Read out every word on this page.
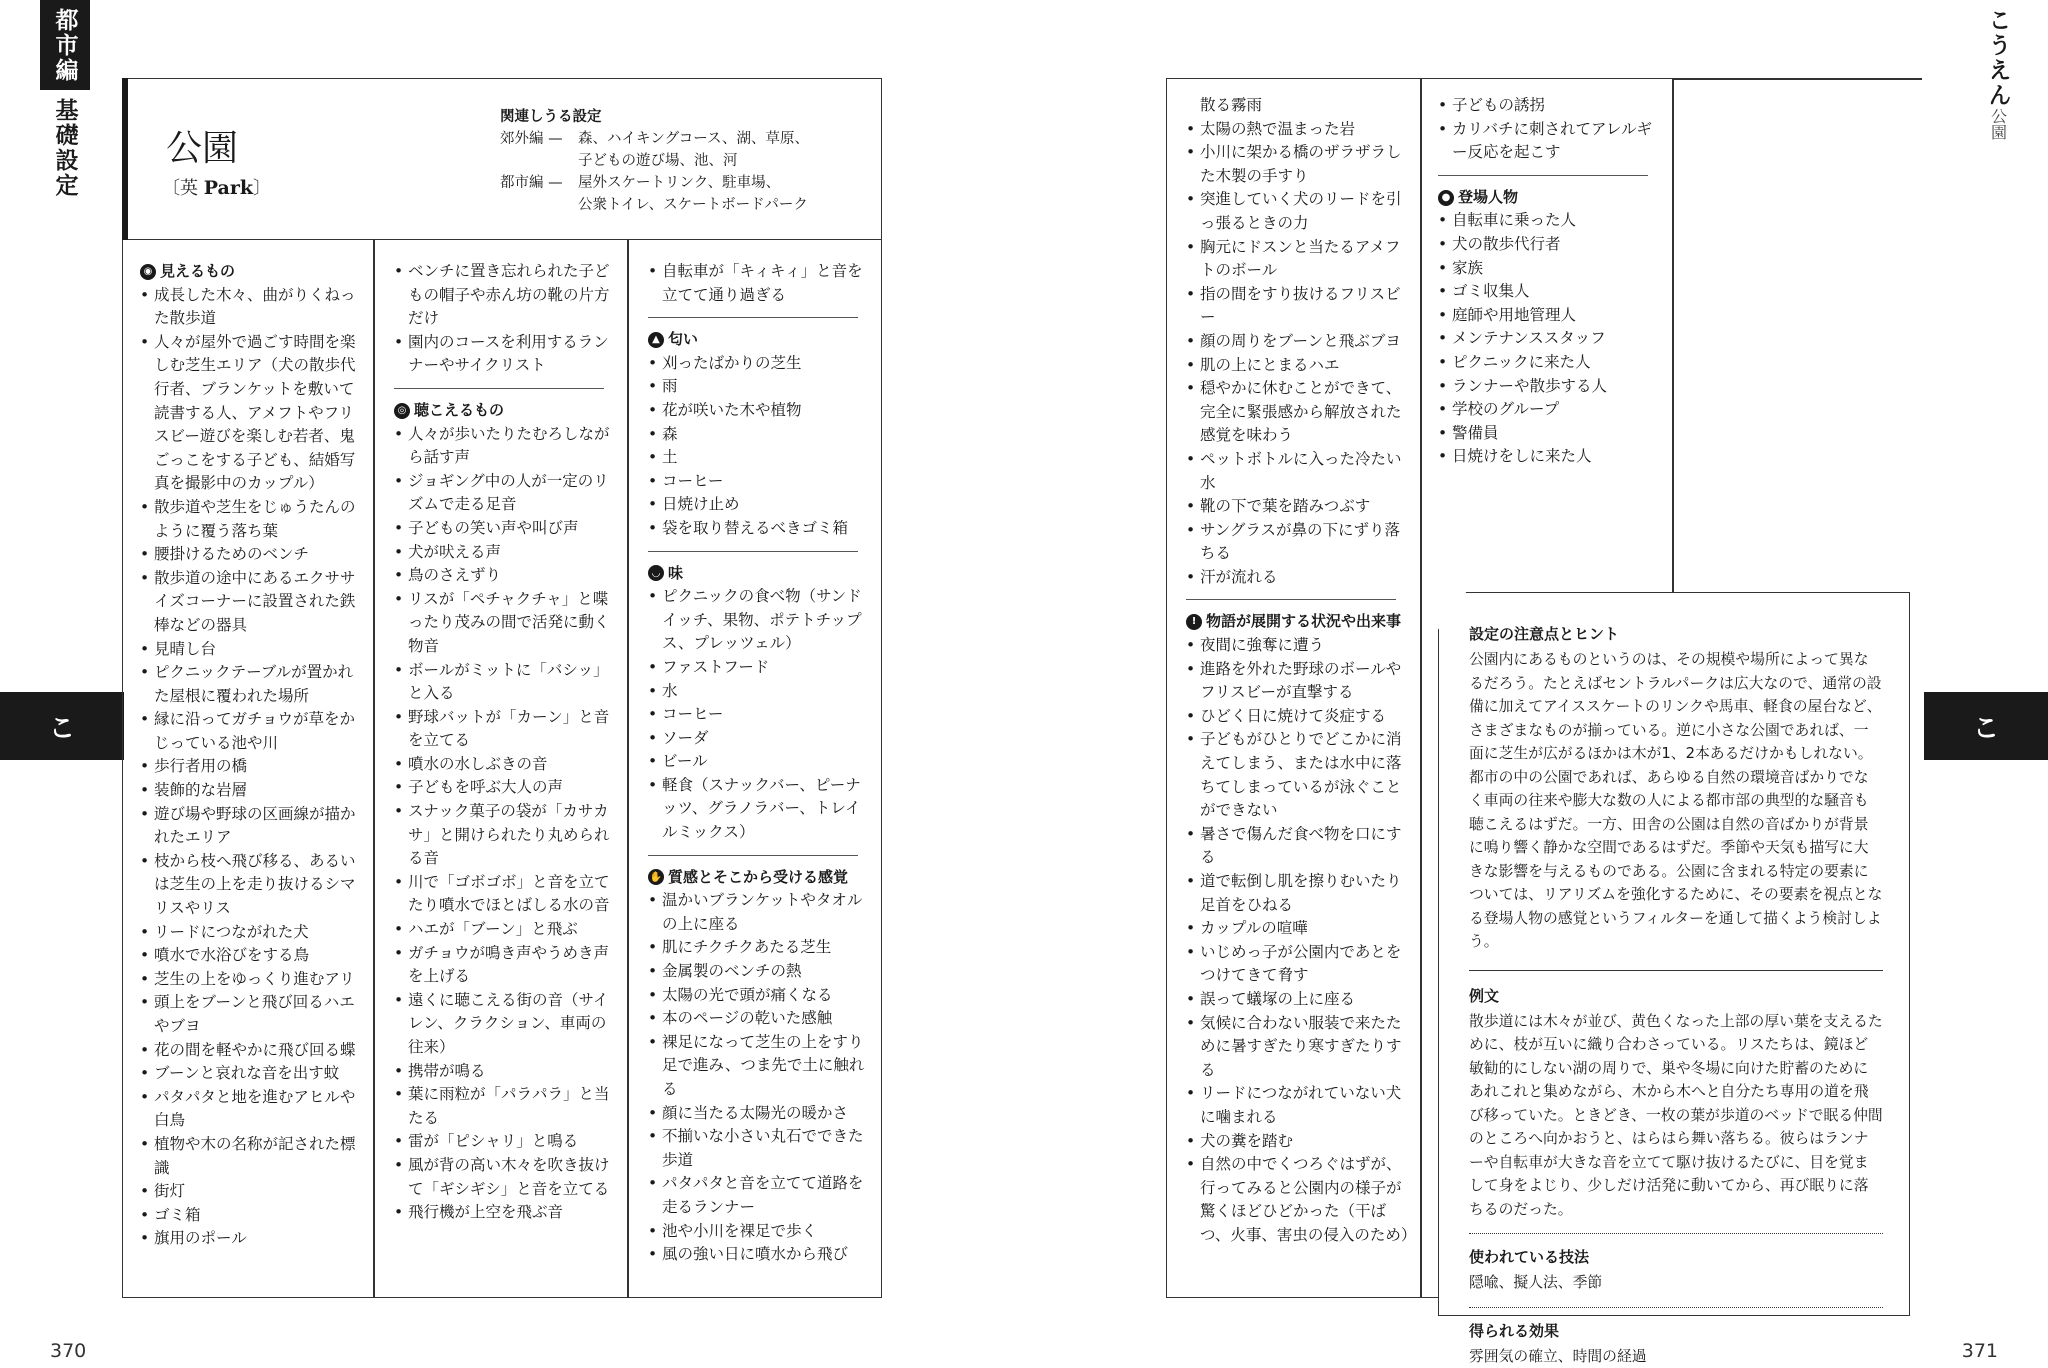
都市編
基礎設定
こ
370
公園
〔英 Park〕
関連しうる設定
郊外編 —	森、ハイキングコース、湖、草原、
子どもの遊び場、池、河
都市編 —	屋外スケートリンク、駐車場、
公衆トイレ、スケートボードパーク
◉ 見えるもの
• 成長した木々、曲がりくねった散歩道
• 人々が屋外で過ごす時間を楽しむ芝生エリア（犬の散歩代行者、ブランケットを敷いて読書する人、アメフトやフリスビー遊びを楽しむ若者、鬼ごっこをする子ども、結婚写真を撮影中のカップル）
• 散歩道や芝生をじゅうたんのように覆う落ち葉
• 腰掛けるためのベンチ
• 散歩道の途中にあるエクササイズコーナーに設置された鉄棒などの器具
• 見晴し台
• ピクニックテーブルが置かれた屋根に覆われた場所
• 縁に沿ってガチョウが草をかじっている池や川
• 歩行者用の橋
• 装飾的な岩層
• 遊び場や野球の区画線が描かれたエリア
• 枝から枝へ飛び移る、あるいは芝生の上を走り抜けるシマリスやリス
• リードにつながれた犬
• 噴水で水浴びをする鳥
• 芝生の上をゆっくり進むアリ
• 頭上をブーンと飛び回るハエやブヨ
• 花の間を軽やかに飛び回る蝶
• ブーンと哀れな音を出す蚊
• パタパタと地を進むアヒルや白鳥
• 植物や木の名称が記された標識
• 街灯
• ゴミ箱
• 旗用のポール
• ベンチに置き忘れられた子どもの帽子や赤ん坊の靴の片方だけ
• 園内のコースを利用するランナーやサイクリスト
◎ 聴こえるもの
• 人々が歩いたりたむろしながら話す声
• ジョギング中の人が一定のリズムで走る足音
• 子どもの笑い声や叫び声
• 犬が吠える声
• 鳥のさえずり
• リスが「ペチャクチャ」と喋ったり茂みの間で活発に動く物音
• ボールがミットに「バシッ」と入る
• 野球バットが「カーン」と音を立てる
• 噴水の水しぶきの音
• 子どもを呼ぶ大人の声
• スナック菓子の袋が「カサカサ」と開けられたり丸められる音
• 川で「ゴボゴボ」と音を立てたり噴水でほとばしる水の音
• ハエが「ブーン」と飛ぶ
• ガチョウが鳴き声やうめき声を上げる
• 遠くに聴こえる街の音（サイレン、クラクション、車両の往来）
• 携帯が鳴る
• 葉に雨粒が「パラパラ」と当たる
• 雷が「ピシャリ」と鳴る
• 風が背の高い木々を吹き抜けて「ギシギシ」と音を立てる
• 飛行機が上空を飛ぶ音
• 自転車が「キィキィ」と音を立てて通り過ぎる
▲ 匂い
• 刈ったばかりの芝生
• 雨
• 花が咲いた木や植物
• 森
• 土
• コーヒー
• 日焼け止め
• 袋を取り替えるべきゴミ箱
◡ 味
• ピクニックの食べ物（サンドイッチ、果物、ポテトチップス、プレッツェル）
• ファストフード
• 水
• コーヒー
• ソーダ
• ビール
• 軽食（スナックバー、ピーナッツ、グラノラバー、トレイルミックス）
✋ 質感とそこから受ける感覚
• 温かいブランケットやタオルの上に座る
• 肌にチクチクあたる芝生
• 金属製のベンチの熱
• 太陽の光で頭が痛くなる
• 本のページの乾いた感触
• 裸足になって芝生の上をすり足で進み、つま先で土に触れる
• 顔に当たる太陽光の暖かさ
• 不揃いな小さい丸石でできた歩道
• パタパタと音を立てて道路を走るランナー
• 池や小川を裸足で歩く
• 風の強い日に噴水から飛び
こうえん
公園
こ
371
散る霧雨
• 太陽の熱で温まった岩
• 小川に架かる橋のザラザラした木製の手すり
• 突進していく犬のリードを引っ張るときの力
• 胸元にドスンと当たるアメフトのボール
• 指の間をすり抜けるフリスビー
• 顔の周りをブーンと飛ぶブヨ
• 肌の上にとまるハエ
• 穏やかに休むことができて、完全に緊張感から解放された感覚を味わう
• ペットボトルに入った冷たい水
• 靴の下で葉を踏みつぶす
• サングラスが鼻の下にずり落ちる
• 汗が流れる
! 物語が展開する状況や出来事
• 夜間に強奪に遭う
• 進路を外れた野球のボールやフリスビーが直撃する
• ひどく日に焼けて炎症する
• 子どもがひとりでどこかに消えてしまう、または水中に落ちてしまっているが泳ぐことができない
• 暑さで傷んだ食べ物を口にする
• 道で転倒し肌を擦りむいたり足首をひねる
• カップルの喧嘩
• いじめっ子が公園内であとをつけてきて脅す
• 誤って蟻塚の上に座る
• 気候に合わない服装で来たために暑すぎたり寒すぎたりする
• リードにつながれていない犬に噛まれる
• 犬の糞を踏む
• 自然の中でくつろぐはずが、行ってみると公園内の様子が驚くほどひどかった（干ばつ、火事、害虫の侵入のため）
• 子どもの誘拐
• カリバチに刺されてアレルギー反応を起こす
● 登場人物
• 自転車に乗った人
• 犬の散歩代行者
• 家族
• ゴミ収集人
• 庭師や用地管理人
• メンテナンススタッフ
• ピクニックに来た人
• ランナーや散歩する人
• 学校のグループ
• 警備員
• 日焼けをしに来た人
設定の注意点とヒント

公園内にあるものというのは、その規模や場所によって異なるだろう。たとえばセントラルパークは広大なので、通常の設備に加えてアイススケートのリンクや馬車、軽食の屋台など、さまざまなものが揃っている。逆に小さな公園であれば、一面に芝生が広がるほかは木が1、2本あるだけかもしれない。都市の中の公園であれば、あらゆる自然の環境音ばかりでなく車両の往来や膨大な数の人による都市部の典型的な騒音も聴こえるはずだ。一方、田舎の公園は自然の音ばかりが背景に鳴り響く静かな空間であるはずだ。季節や天気も描写に大きな影響を与えるものである。公園に含まれる特定の要素については、リアリズムを強化するために、その要素を視点となる登場人物の感覚というフィルターを通して描くよう検討しよう。

例文

散歩道には木々が並び、黄色くなった上部の厚い葉を支えるために、枝が互いに織り合わさっている。リスたちは、鏡ほど敏勧的にしない湖の周りで、巣や冬場に向けた貯蓄のためにあれこれと集めながら、木から木へと自分たち専用の道を飛び移っていた。ときどき、一枚の葉が歩道のベッドで眠る仲間のところへ向かおうと、はらはら舞い落ちる。彼らはランナーや自転車が大きな音を立てて駆け抜けるたびに、目を覚まして身をよじり、少しだけ活発に動いてから、再び眠りに落ちるのだった。

使われている技法

隠喩、擬人法、季節

得られる効果

雰囲気の確立、時間の経過
